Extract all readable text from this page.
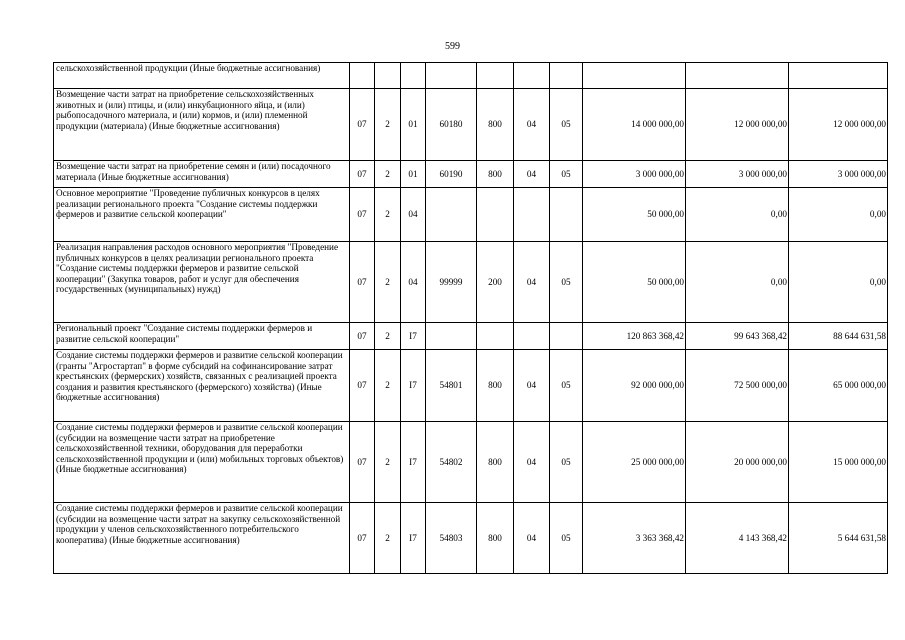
599
сельскохозяйственной продукции (Иные бюджетные ассигнования)										
Возмещение части затрат на приобретение сельскохозяйственных животных и (или) птицы, и (или) инкубационного яйца, и (или) рыбопосадочного материала, и (или) кормов, и (или) племенной продукции (материала) (Иные бюджетные ассигнования)	07	2	01	60180	800	04	05	14 000 000,00	12 000 000,00	12 000 000,00
Возмещение части затрат на приобретение семян и (или) посадочного материала (Иные бюджетные ассигнования)	07	2	01	60190	800	04	05	3 000 000,00	3 000 000,00	3 000 000,00
Основное мероприятие "Проведение публичных конкурсов в целях реализации регионального проекта "Создание системы поддержки фермеров и развитие сельской кооперации"	07	2	04					50 000,00	0,00	0,00
Реализация направления расходов основного мероприятия "Проведение публичных конкурсов в целях реализации регионального проекта "Создание системы поддержки фермеров и развитие сельской кооперации" (Закупка товаров, работ и услуг для обеспечения государственных (муниципальных) нужд)	07	2	04	99999	200	04	05	50 000,00	0,00	0,00
Региональный проект "Создание системы поддержки фермеров и развитие сельской кооперации"	07	2	I7					120 863 368,42	99 643 368,42	88 644 631,58
Создание системы поддержки фермеров и развитие сельской кооперации (гранты "Агростартап" в форме субсидий на софинансирование затрат крестьянских (фермерских) хозяйств, связанных с реализацией проекта создания и развития крестьянского (фермерского) хозяйства) (Иные бюджетные ассигнования)	07	2	I7	54801	800	04	05	92 000 000,00	72 500 000,00	65 000 000,00
Создание системы поддержки фермеров и развитие сельской кооперации (субсидии на возмещение части затрат на приобретение сельскохозяйственной техники, оборудования для переработки сельскохозяйственной продукции и (или) мобильных торговых объектов) (Иные бюджетные ассигнования)	07	2	I7	54802	800	04	05	25 000 000,00	20 000 000,00	15 000 000,00
Создание системы поддержки фермеров и развитие сельской кооперации (субсидии на возмещение части затрат на закупку сельскохозяйственной продукции у членов сельскохозяйственного потребительского кооператива) (Иные бюджетные ассигнования)	07	2	I7	54803	800	04	05	3 363 368,42	4 143 368,42	5 644 631,58
